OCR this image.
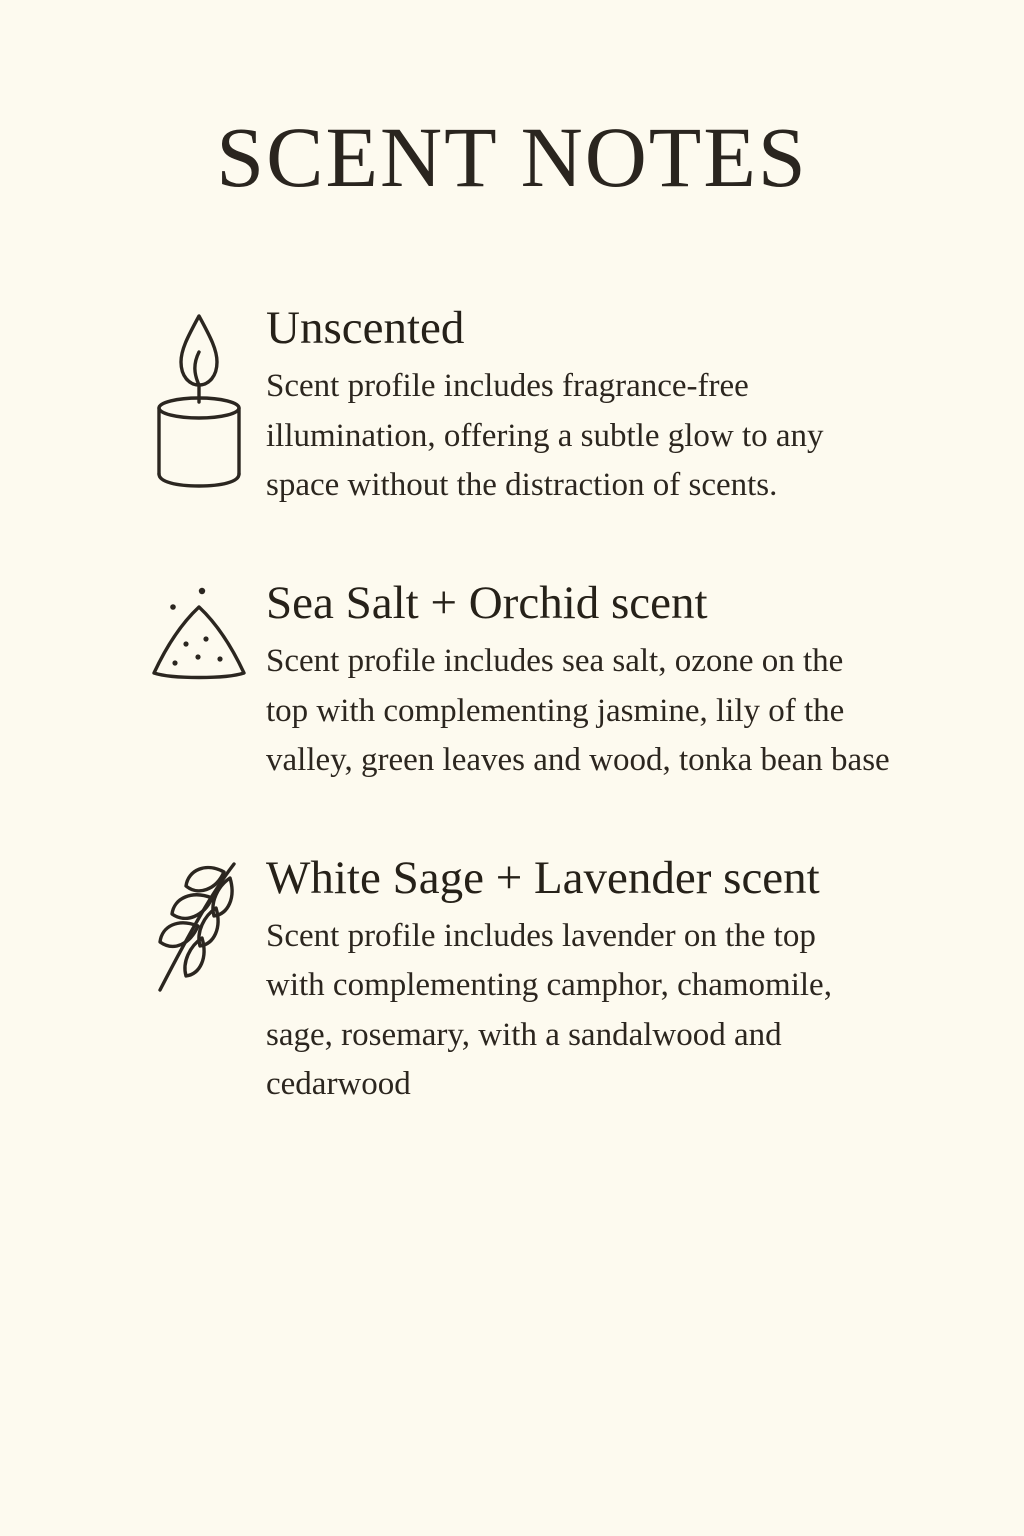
SCENT NOTES
Unscented

Scent profile includes fragrance-free illumination, offering a subtle glow to any space without the distraction of scents.

Sea Salt + Orchid scent

Scent profile includes sea salt, ozone on the top with complementing jasmine, lily of the valley, green leaves and wood, tonka bean base

White Sage + Lavender scent

Scent profile includes lavender on the top with complementing camphor, chamomile, sage, rosemary, with a sandalwood and cedarwood
